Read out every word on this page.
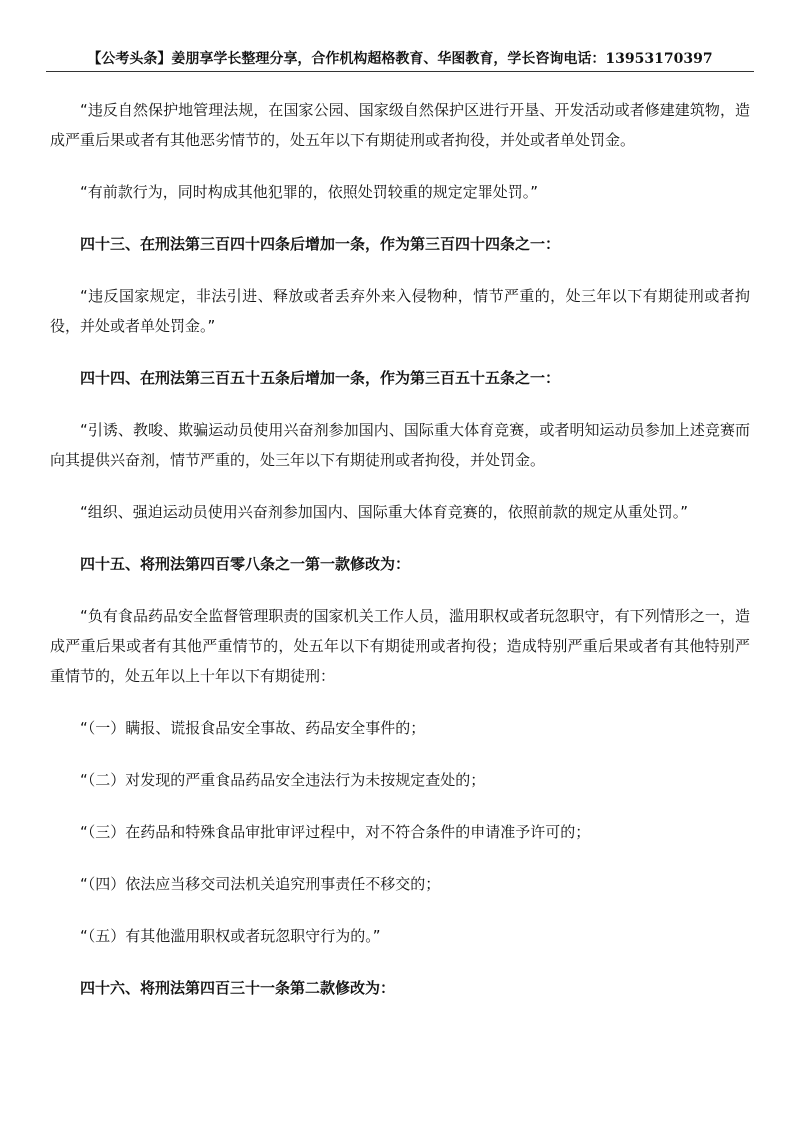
【公考头条】姜朋享学长整理分享，合作机构超格教育、华图教育，学长咨询电话：13953170397

“违反自然保护地管理法规，在国家公园、国家级自然保护区进行开垦、开发活动或者修建建筑物，造成严重后果或者有其他恶劣情节的，处五年以下有期徒刑或者拘役，并处或者单处罚金。

“有前款行为，同时构成其他犯罪的，依照处罚较重的规定定罪处罚。”

四十三、在刑法第三百四十四条后增加一条，作为第三百四十四条之一：

“违反国家规定，非法引进、释放或者丢弃外来入侵物种，情节严重的，处三年以下有期徒刑或者拘役，并处或者单处罚金。”

四十四、在刑法第三百五十五条后增加一条，作为第三百五十五条之一：

“引诱、教唆、欺骗运动员使用兴奋剂参加国内、国际重大体育竞赛，或者明知运动员参加上述竞赛而向其提供兴奋剂，情节严重的，处三年以下有期徒刑或者拘役，并处罚金。

“组织、强迫运动员使用兴奋剂参加国内、国际重大体育竞赛的，依照前款的规定从重处罚。”

四十五、将刑法第四百零八条之一第一款修改为：

“负有食品药品安全监督管理职责的国家机关工作人员，滥用职权或者玩忽职守，有下列情形之一，造成严重后果或者有其他严重情节的，处五年以下有期徒刑或者拘役；造成特别严重后果或者有其他特别严重情节的，处五年以上十年以下有期徒刑：

“（一）瞒报、谎报食品安全事故、药品安全事件的；

“（二）对发现的严重食品药品安全违法行为未按规定查处的；

“（三）在药品和特殊食品审批审评过程中，对不符合条件的申请准予许可的；

“（四）依法应当移交司法机关追究刑事责任不移交的；

“（五）有其他滥用职权或者玩忽职守行为的。”

四十六、将刑法第四百三十一条第二款修改为：
